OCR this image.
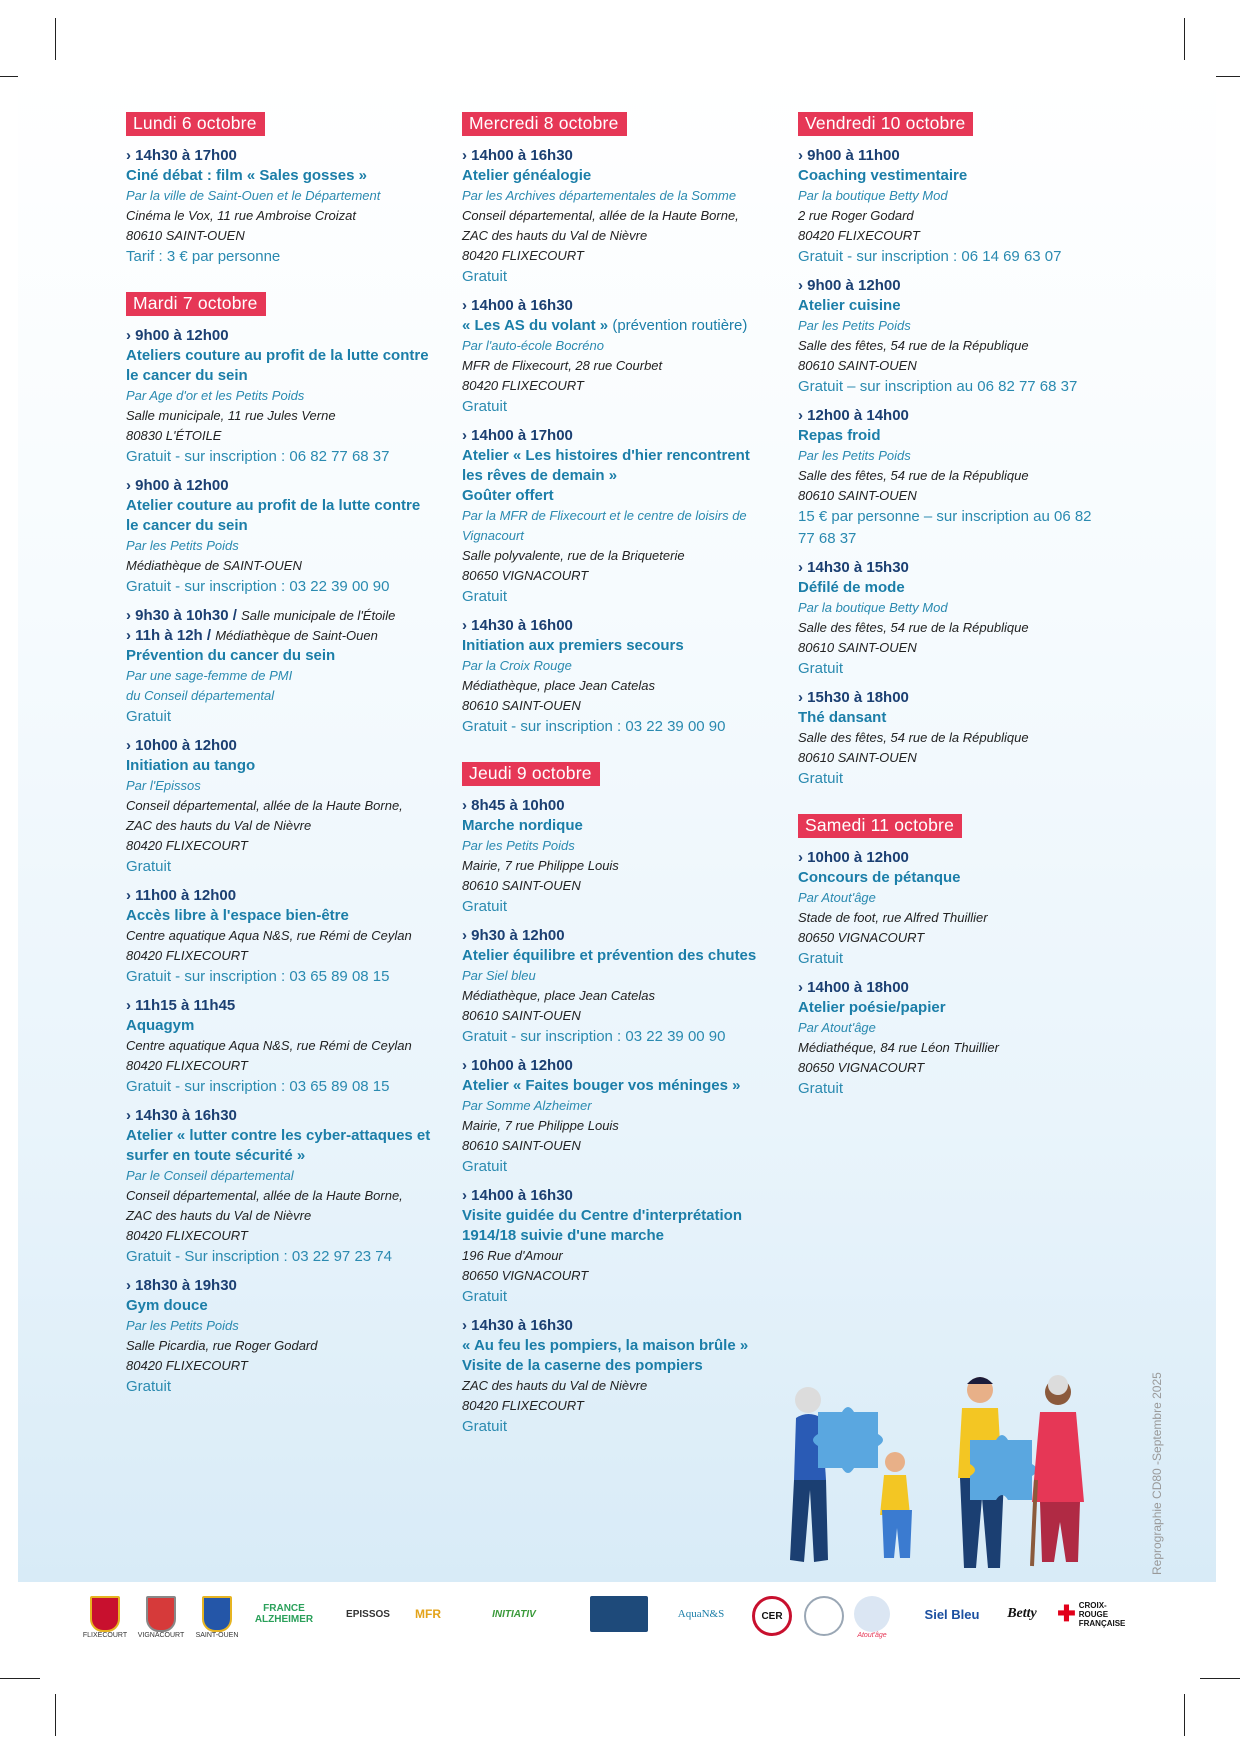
Lundi 6 octobre
› 14h30 à 17h00
Ciné débat : film « Sales gosses »
Par la ville de Saint-Ouen et le Département
Cinéma le Vox, 11 rue Ambroise Croizat
80610 SAINT-OUEN
Tarif : 3 € par personne
Mardi 7 octobre
› 9h00 à 12h00
Ateliers couture au profit de la lutte contre le cancer du sein
Par Age d'or et les Petits Poids
Salle municipale, 11 rue Jules Verne
80830 L'ÉTOILE
Gratuit - sur inscription : 06 82 77 68 37
› 9h00 à 12h00
Atelier couture au profit de la lutte contre le cancer du sein
Par les Petits Poids
Médiathèque de SAINT-OUEN
Gratuit - sur inscription : 03 22 39 00 90
› 9h30 à 10h30 / Salle municipale de l'Étoile
› 11h à 12h / Médiathèque de Saint-Ouen
Prévention du cancer du sein
Par une sage-femme de PMI
du Conseil départemental
Gratuit
› 10h00 à 12h00
Initiation au tango
Par l'Epissos
Conseil départemental, allée de la Haute Borne,
ZAC des hauts du Val de Nièvre
80420 FLIXECOURT
Gratuit
› 11h00 à 12h00
Accès libre à l'espace bien-être
Centre aquatique Aqua N&S, rue Rémi de Ceylan
80420 FLIXECOURT
Gratuit - sur inscription : 03 65 89 08 15
› 11h15 à 11h45
Aquagym
Centre aquatique Aqua N&S, rue Rémi de Ceylan
80420 FLIXECOURT
Gratuit - sur inscription : 03 65 89 08 15
› 14h30 à 16h30
Atelier « lutter contre les cyber-attaques et surfer en toute sécurité »
Par le Conseil départemental
Conseil départemental, allée de la Haute Borne,
ZAC des hauts du Val de Nièvre
80420 FLIXECOURT
Gratuit - Sur inscription : 03 22 97 23 74
› 18h30 à 19h30
Gym douce
Par les Petits Poids
Salle Picardia, rue Roger Godard
80420 FLIXECOURT
Gratuit
Mercredi 8 octobre
› 14h00 à 16h30
Atelier généalogie
Par les Archives départementales de la Somme
Conseil départemental, allée de la Haute Borne,
ZAC des hauts du Val de Nièvre
80420 FLIXECOURT
Gratuit
› 14h00 à 16h30
« Les AS du volant » (prévention routière)
Par l'auto-école Bocréno
MFR de Flixecourt, 28 rue Courbet
80420 FLIXECOURT
Gratuit
› 14h00 à 17h00
Atelier « Les histoires d'hier rencontrent les rêves de demain »
Goûter offert
Par la MFR de Flixecourt et le centre de loisirs de Vignacourt
Salle polyvalente, rue de la Briqueterie
80650 VIGNACOURT
Gratuit
› 14h30 à 16h00
Initiation aux premiers secours
Par la Croix Rouge
Médiathèque, place Jean Catelas
80610 SAINT-OUEN
Gratuit - sur inscription : 03 22 39 00 90
Jeudi 9 octobre
› 8h45 à 10h00
Marche nordique
Par les Petits Poids
Mairie, 7 rue Philippe Louis
80610 SAINT-OUEN
Gratuit
› 9h30 à 12h00
Atelier équilibre et prévention des chutes
Par Siel bleu
Médiathèque, place Jean Catelas
80610 SAINT-OUEN
Gratuit - sur inscription : 03 22 39 00 90
› 10h00 à 12h00
Atelier « Faites bouger vos méninges »
Par Somme Alzheimer
Mairie, 7 rue Philippe Louis
80610 SAINT-OUEN
Gratuit
› 14h00 à 16h30
Visite guidée du Centre d'interprétation 1914/18 suivie d'une marche
196 Rue d'Amour
80650 VIGNACOURT
Gratuit
› 14h30 à 16h30
« Au feu les pompiers, la maison brûle » Visite de la caserne des pompiers
ZAC des hauts du Val de Nièvre
80420 FLIXECOURT
Gratuit
Vendredi 10 octobre
› 9h00 à 11h00
Coaching vestimentaire
Par la boutique Betty Mod
2 rue Roger Godard
80420 FLIXECOURT
Gratuit - sur inscription : 06 14 69 63 07
› 9h00 à 12h00
Atelier cuisine
Par les Petits Poids
Salle des fêtes, 54 rue de la République
80610 SAINT-OUEN
Gratuit – sur inscription au 06 82 77 68 37
› 12h00 à 14h00
Repas froid
Par les Petits Poids
Salle des fêtes, 54 rue de la République
80610 SAINT-OUEN
15 € par personne – sur inscription au 06 82 77 68 37
› 14h30 à 15h30
Défilé de mode
Par la boutique Betty Mod
Salle des fêtes, 54 rue de la République
80610 SAINT-OUEN
Gratuit
› 15h30 à 18h00
Thé dansant
Salle des fêtes, 54 rue de la République
80610 SAINT-OUEN
Gratuit
Samedi 11 octobre
› 10h00 à 12h00
Concours de pétanque
Par Atout'âge
Stade de foot, rue Alfred Thuillier
80650 VIGNACOURT
Gratuit
› 14h00 à 18h00
Atelier poésie/papier
Par Atout'âge
Médiathéque, 84 rue Léon Thuillier
80650 VIGNACOURT
Gratuit
Reprographie CD80 -Septembre 2025
FLIXECOURT	VIGNACOURT	SAINT-OUEN
FRANCE ALZHEIMER	EPISSOS	MFR	INITIATIV	AquaN&S	CER
Atout'âge
Siel Bleu	Betty ✚ CROIX-ROUGE FRANÇAISE
